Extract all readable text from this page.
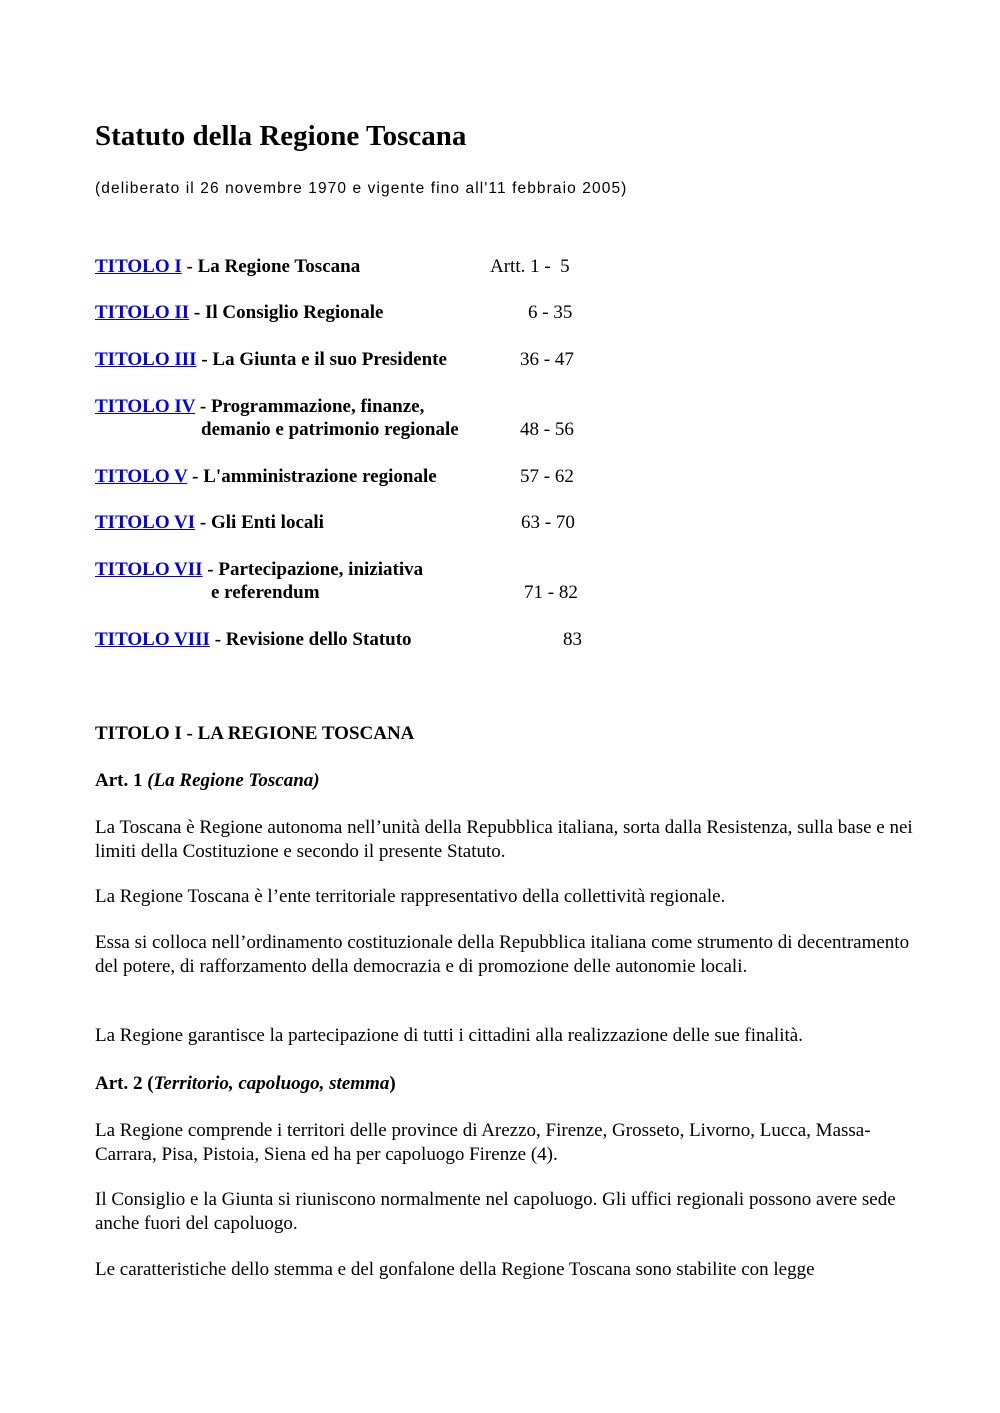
Statuto della Regione Toscana
(deliberato il 26 novembre 1970 e vigente fino all'11 febbraio 2005)
TITOLO I - La Regione Toscana	Artt. 1 -  5
TITOLO II - Il Consiglio Regionale	6 - 35
TITOLO III - La Giunta e il suo Presidente	36 - 47
TITOLO IV - Programmazione, finanze,
demanio e patrimonio regionale	48 - 56
TITOLO V - L'amministrazione regionale	57 - 62
TITOLO VI - Gli Enti locali	63 - 70
TITOLO VII - Partecipazione, iniziativa
e referendum	71 - 82
TITOLO VIII - Revisione dello Statuto	83
TITOLO I - LA REGIONE TOSCANA
Art. 1 (La Regione Toscana)
La Toscana è Regione autonoma nell’unità della Repubblica italiana, sorta dalla Resistenza, sulla base e nei limiti della Costituzione e secondo il presente Statuto.
La Regione Toscana è l’ente territoriale rappresentativo della collettività regionale.
Essa si colloca nell’ordinamento costituzionale della Repubblica italiana come strumento di decentramento del potere, di rafforzamento della democrazia e di promozione delle autonomie locali.
La Regione garantisce la partecipazione di tutti i cittadini alla realizzazione delle sue finalità.
Art. 2 (Territorio, capoluogo, stemma)
La Regione comprende i territori delle province di Arezzo, Firenze, Grosseto, Livorno, Lucca, Massa-Carrara, Pisa, Pistoia, Siena ed ha per capoluogo Firenze (4).
Il Consiglio e la Giunta si riuniscono normalmente nel capoluogo. Gli uffici regionali possono avere sede anche fuori del capoluogo.
Le caratteristiche dello stemma e del gonfalone della Regione Toscana sono stabilite con legge
